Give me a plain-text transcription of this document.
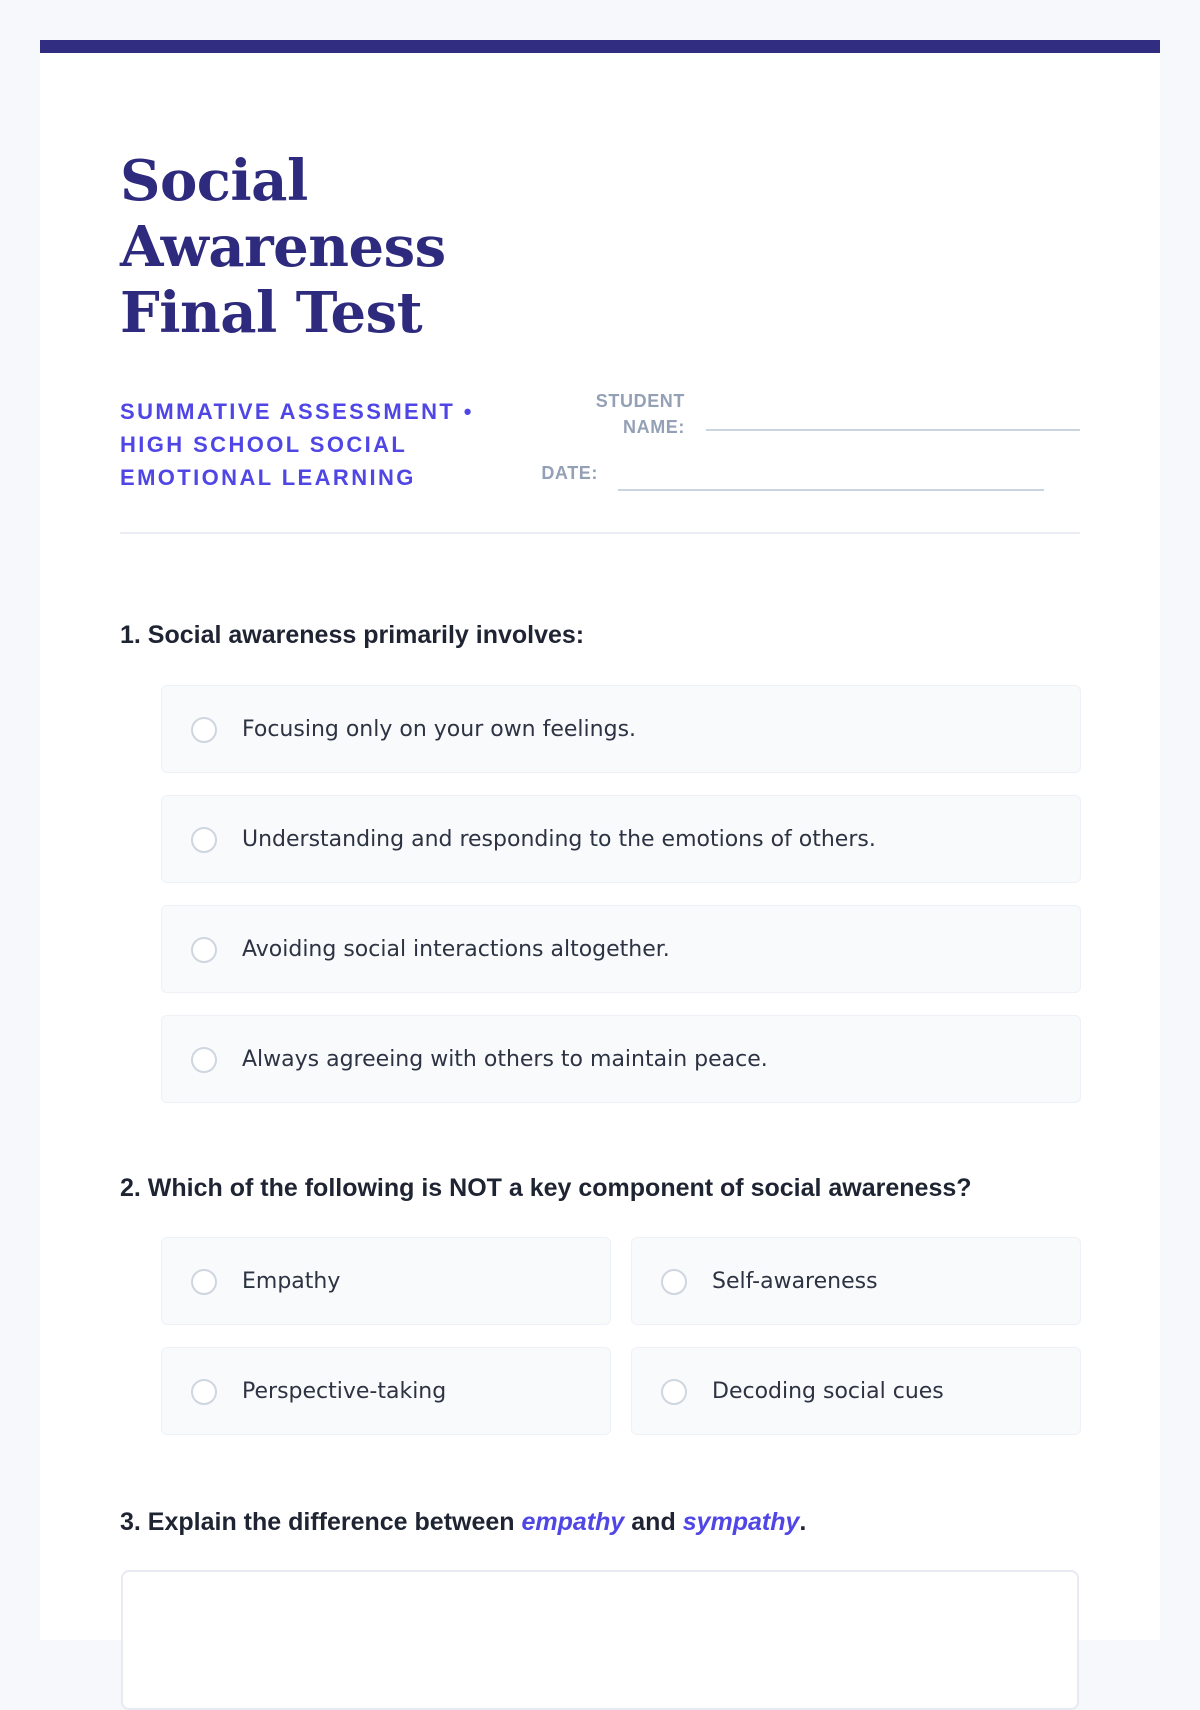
Social Awareness Final Test

SUMMATIVE ASSESSMENT • HIGH SCHOOL SOCIAL EMOTIONAL LEARNING

STUDENT NAME:
DATE:

1. Social awareness primarily involves:

Focusing only on your own feelings.
Understanding and responding to the emotions of others.
Avoiding social interactions altogether.
Always agreeing with others to maintain peace.

2. Which of the following is NOT a key component of social awareness?

Empathy	Self-awareness
Perspective-taking	Decoding social cues

3. Explain the difference between empathy and sympathy.
